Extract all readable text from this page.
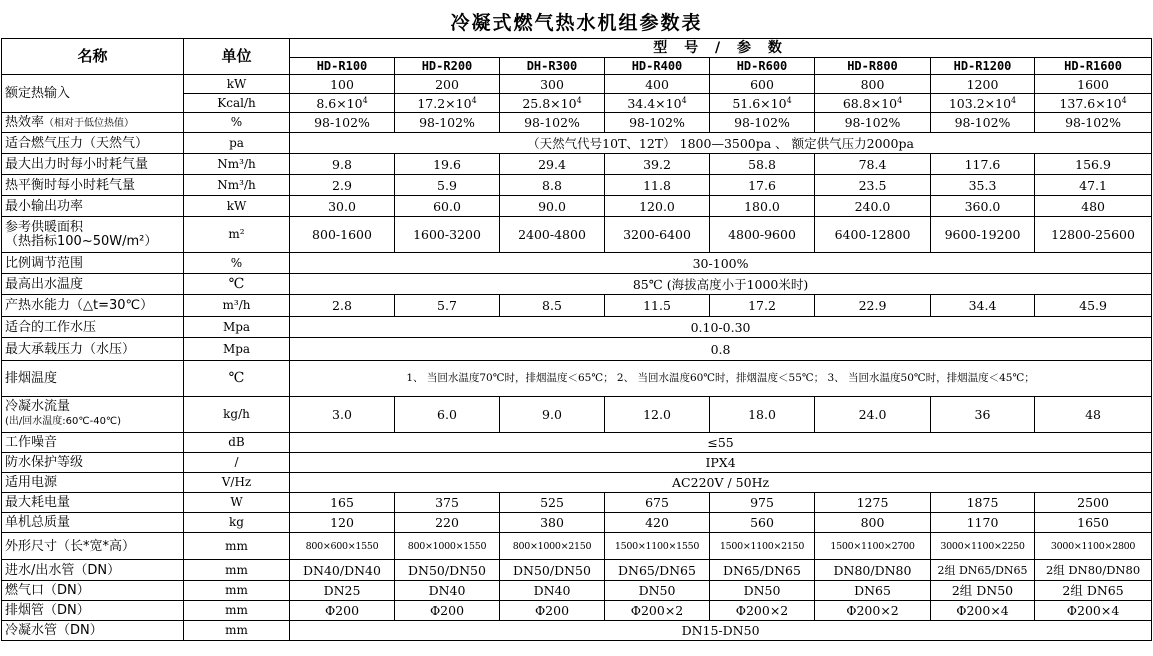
冷凝式燃气热水机组参数表
名称	单位	型 号 / 参 数							
		HD-R100	HD-R200	DH-R300	HD-R400	HD-R600	HD-R800	HD-R1200	HD-R1600
额定热输入	kW	100	200	300	400	600	800	1200	1600
	Kcal/h	$8.6\times 10^4$	$17.2\times 10^4$	$25.8\times 10^4$	$34.4\times 10^4$	$51.6\times 10^4$	$68.8\times 10^4$	$103.2\times 10^4$	$137.6\times 10^4$
热效率（相对于低位热值）	%	98-102%	98-102%	98-102%	98-102%	98-102%	98-102%	98-102%	98-102%
适合燃气压力（天然气）	pa	（天然气代号10T、12T） 1800—3500pa 、 额定供气压力2000pa							
最大出力时每小时耗气量	Nm³/h	9.8	19.6	29.4	39.2	58.8	78.4	117.6	156.9
热平衡时每小时耗气量	Nm³/h	2.9	5.9	8.8	11.8	17.6	23.5	35.3	47.1
最小输出功率	kW	30.0	60.0	90.0	120.0	180.0	240.0	360.0	480
参考供暖面积
（热指标100~50W/m²）	m²	800-1600	1600-3200	2400-4800	3200-6400	4800-9600	6400-12800	9600-19200	12800-25600
比例调节范围	%	30-100%							
最高出水温度	℃	85℃ (海拔高度小于1000米时)							
产热水能力（△t=30℃）	m³/h	2.8	5.7	8.5	11.5	17.2	22.9	34.4	45.9
适合的工作水压	Mpa	0.10-0.30							
最大承载压力（水压）	Mpa	0.8							
排烟温度	℃	1、 当回水温度70℃时，排烟温度＜65℃； 2、 当回水温度60℃时，排烟温度＜55℃； 3、 当回水温度50℃时，排烟温度＜45℃；							
冷凝水流量
(出/回水温度:60℃-40℃)	kg/h	3.0	6.0	9.0	12.0	18.0	24.0	36	48
工作噪音	dB	≤55							
防水保护等级	/	IPX4							
适用电源	V/Hz	AC220V / 50Hz							
最大耗电量	W	165	375	525	675	975	1275	1875	2500
单机总质量	kg	120	220	380	420	560	800	1170	1650
外形尺寸（长*宽*高）	mm	800×600×1550	800×1000×1550	800×1000×2150	1500×1100×1550	1500×1100×2150	1500×1100×2700	3000×1100×2250	3000×1100×2800
进水/出水管（DN）	mm	DN40/DN40	DN50/DN50	DN50/DN50	DN65/DN65	DN65/DN65	DN80/DN80	2组 DN65/DN65	2组 DN80/DN80
燃气口（DN）	mm	DN25	DN40	DN40	DN50	DN50	DN65	2组 DN50	2组 DN65
排烟管（DN）	mm	Φ200	Φ200	Φ200	Φ200×2	Φ200×2	Φ200×2	Φ200×4	Φ200×4
冷凝水管（DN）	mm	DN15-DN50							
